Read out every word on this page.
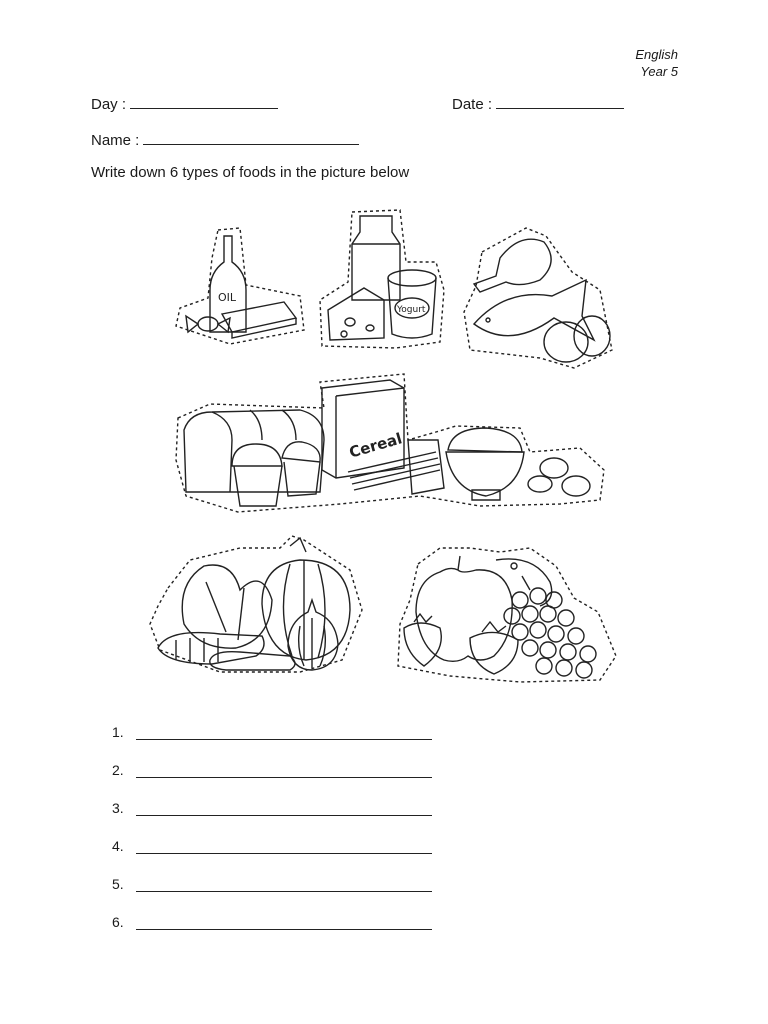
English
Year 5
Day :	Date :
Name :
Write down 6 types of foods in the picture below
OIL
Yogurt
Cereal
1.
2.
3.
4.
5.
6.
